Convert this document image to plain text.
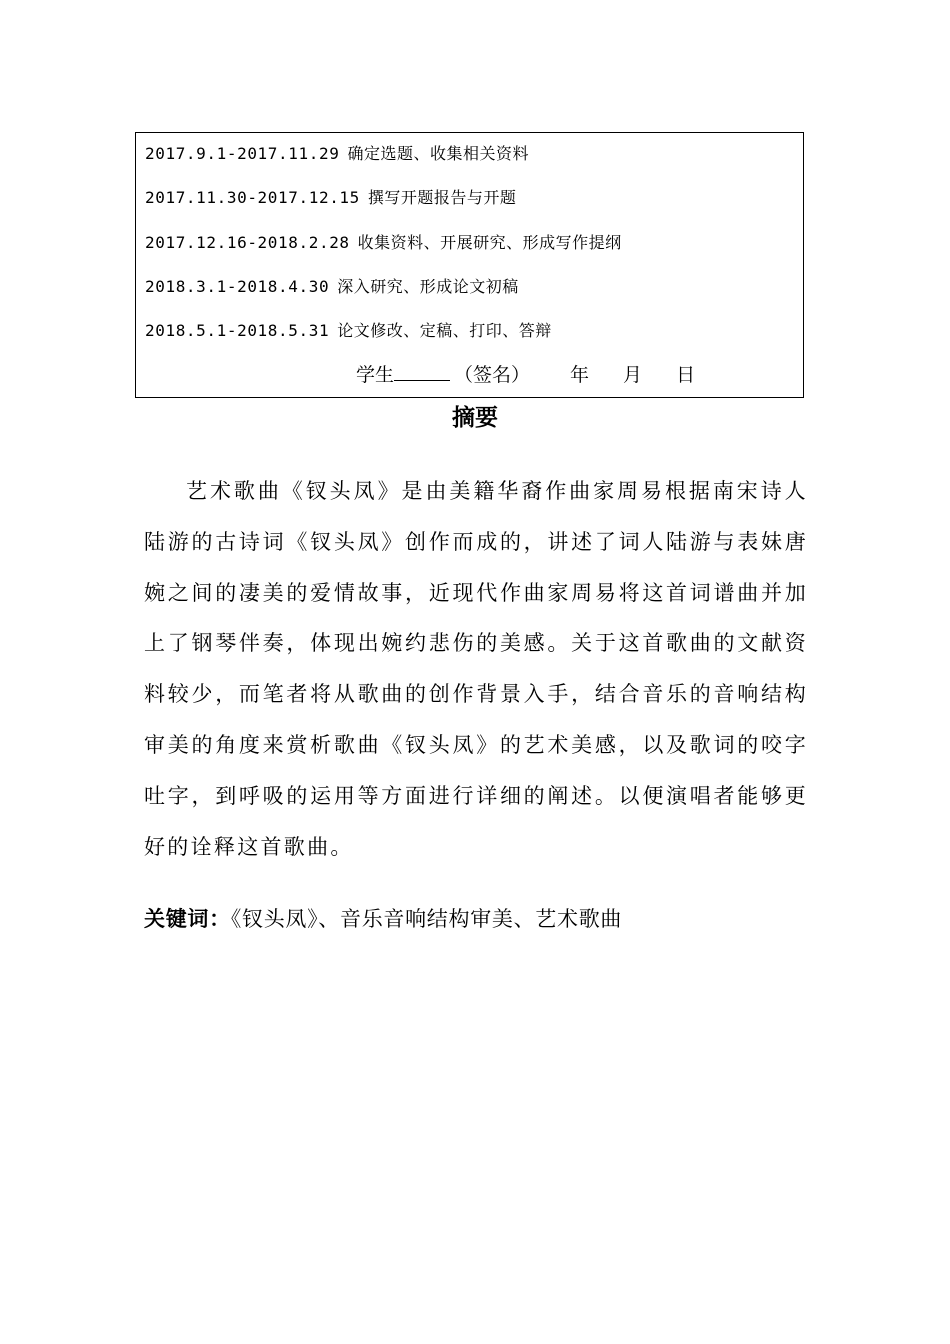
2017.9.1-2017.11.29 确定选题、收集相关资料
2017.11.30-2017.12.15 撰写开题报告与开题
2017.12.16-2018.2.28 收集资料、开展研究、形成写作提纲
2018.3.1-2018.4.30 深入研究、形成论文初稿
2018.5.1-2018.5.31 论文修改、定稿、打印、答辩
学生	（签名） 年 月 日
摘要

艺术歌曲《钗头凤》是由美籍华裔作曲家周易根据南宋诗人陆游的古诗词《钗头凤》创作而成的，讲述了词人陆游与表妹唐婉之间的凄美的爱情故事，近现代作曲家周易将这首词谱曲并加上了钢琴伴奏，体现出婉约悲伤的美感。关于这首歌曲的文献资料较少，而笔者将从歌曲的创作背景入手，结合音乐的音响结构审美的角度来赏析歌曲《钗头凤》的艺术美感，以及歌词的咬字吐字，到呼吸的运用等方面进行详细的阐述。以便演唱者能够更好的诠释这首歌曲。

关键词：《钗头凤》、音乐音响结构审美、艺术歌曲
